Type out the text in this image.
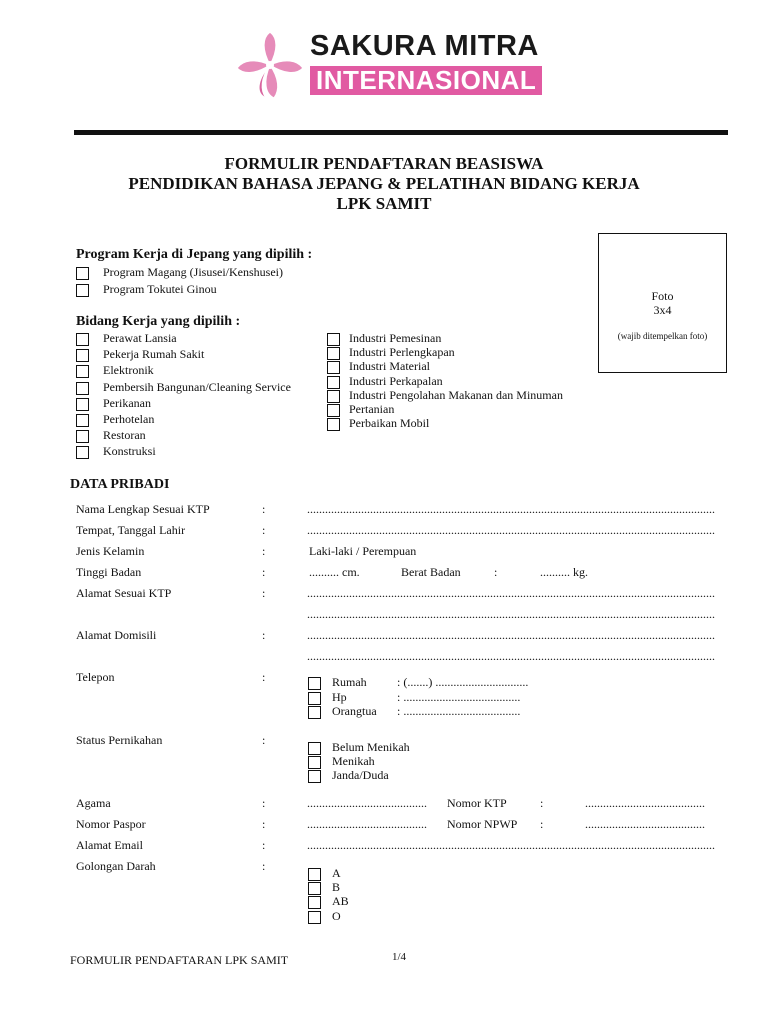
SAKURA MITRA
INTERNASIONAL
FORMULIR PENDAFTARAN BEASISWA
PENDIDIKAN BAHASA JEPANG & PELATIHAN BIDANG KERJA
LPK SAMIT
Foto
3x4
(wajib ditempelkan foto)
Program Kerja di Jepang yang dipilih :
Program Magang (Jisusei/Kenshusei)
Program Tokutei Ginou
Bidang Kerja yang dipilih :
Perawat Lansia
Pekerja Rumah Sakit
Elektronik
Pembersih Bangunan/Cleaning Service
Perikanan
Perhotelan
Restoran
Konstruksi
Industri Pemesinan
Industri Perlengkapan
Industri Material
Industri Perkapalan
Industri Pengolahan Makanan dan Minuman
Pertanian
Perbaikan Mobil
DATA PRIBADI
Nama Lengkap Sesuai KTP	:	........................................................................................................................................
Tempat, Tanggal Lahir	:	........................................................................................................................................
Jenis Kelamin	:	Laki-laki / Perempuan
Tinggi Badan	:	.......... cm.	Berat Badan	:	.......... kg.
Alamat Sesuai KTP	:	........................................................................................................................................
........................................................................................................................................
Alamat Domisili	:	........................................................................................................................................
........................................................................................................................................
Telepon	:	Rumah	: (.......) ...............................
Hp	: .......................................
Orangtua : .......................................
Status Pernikahan	:	Belum Menikah
Menikah
Janda/Duda
Agama	:	........................................ Nomor KTP	:	........................................
Nomor Paspor	:	........................................ Nomor NPWP :	........................................
Alamat Email	:	........................................................................................................................................
Golongan Darah	:	A
B
AB
O
FORMULIR PENDAFTARAN LPK SAMIT	1/4
